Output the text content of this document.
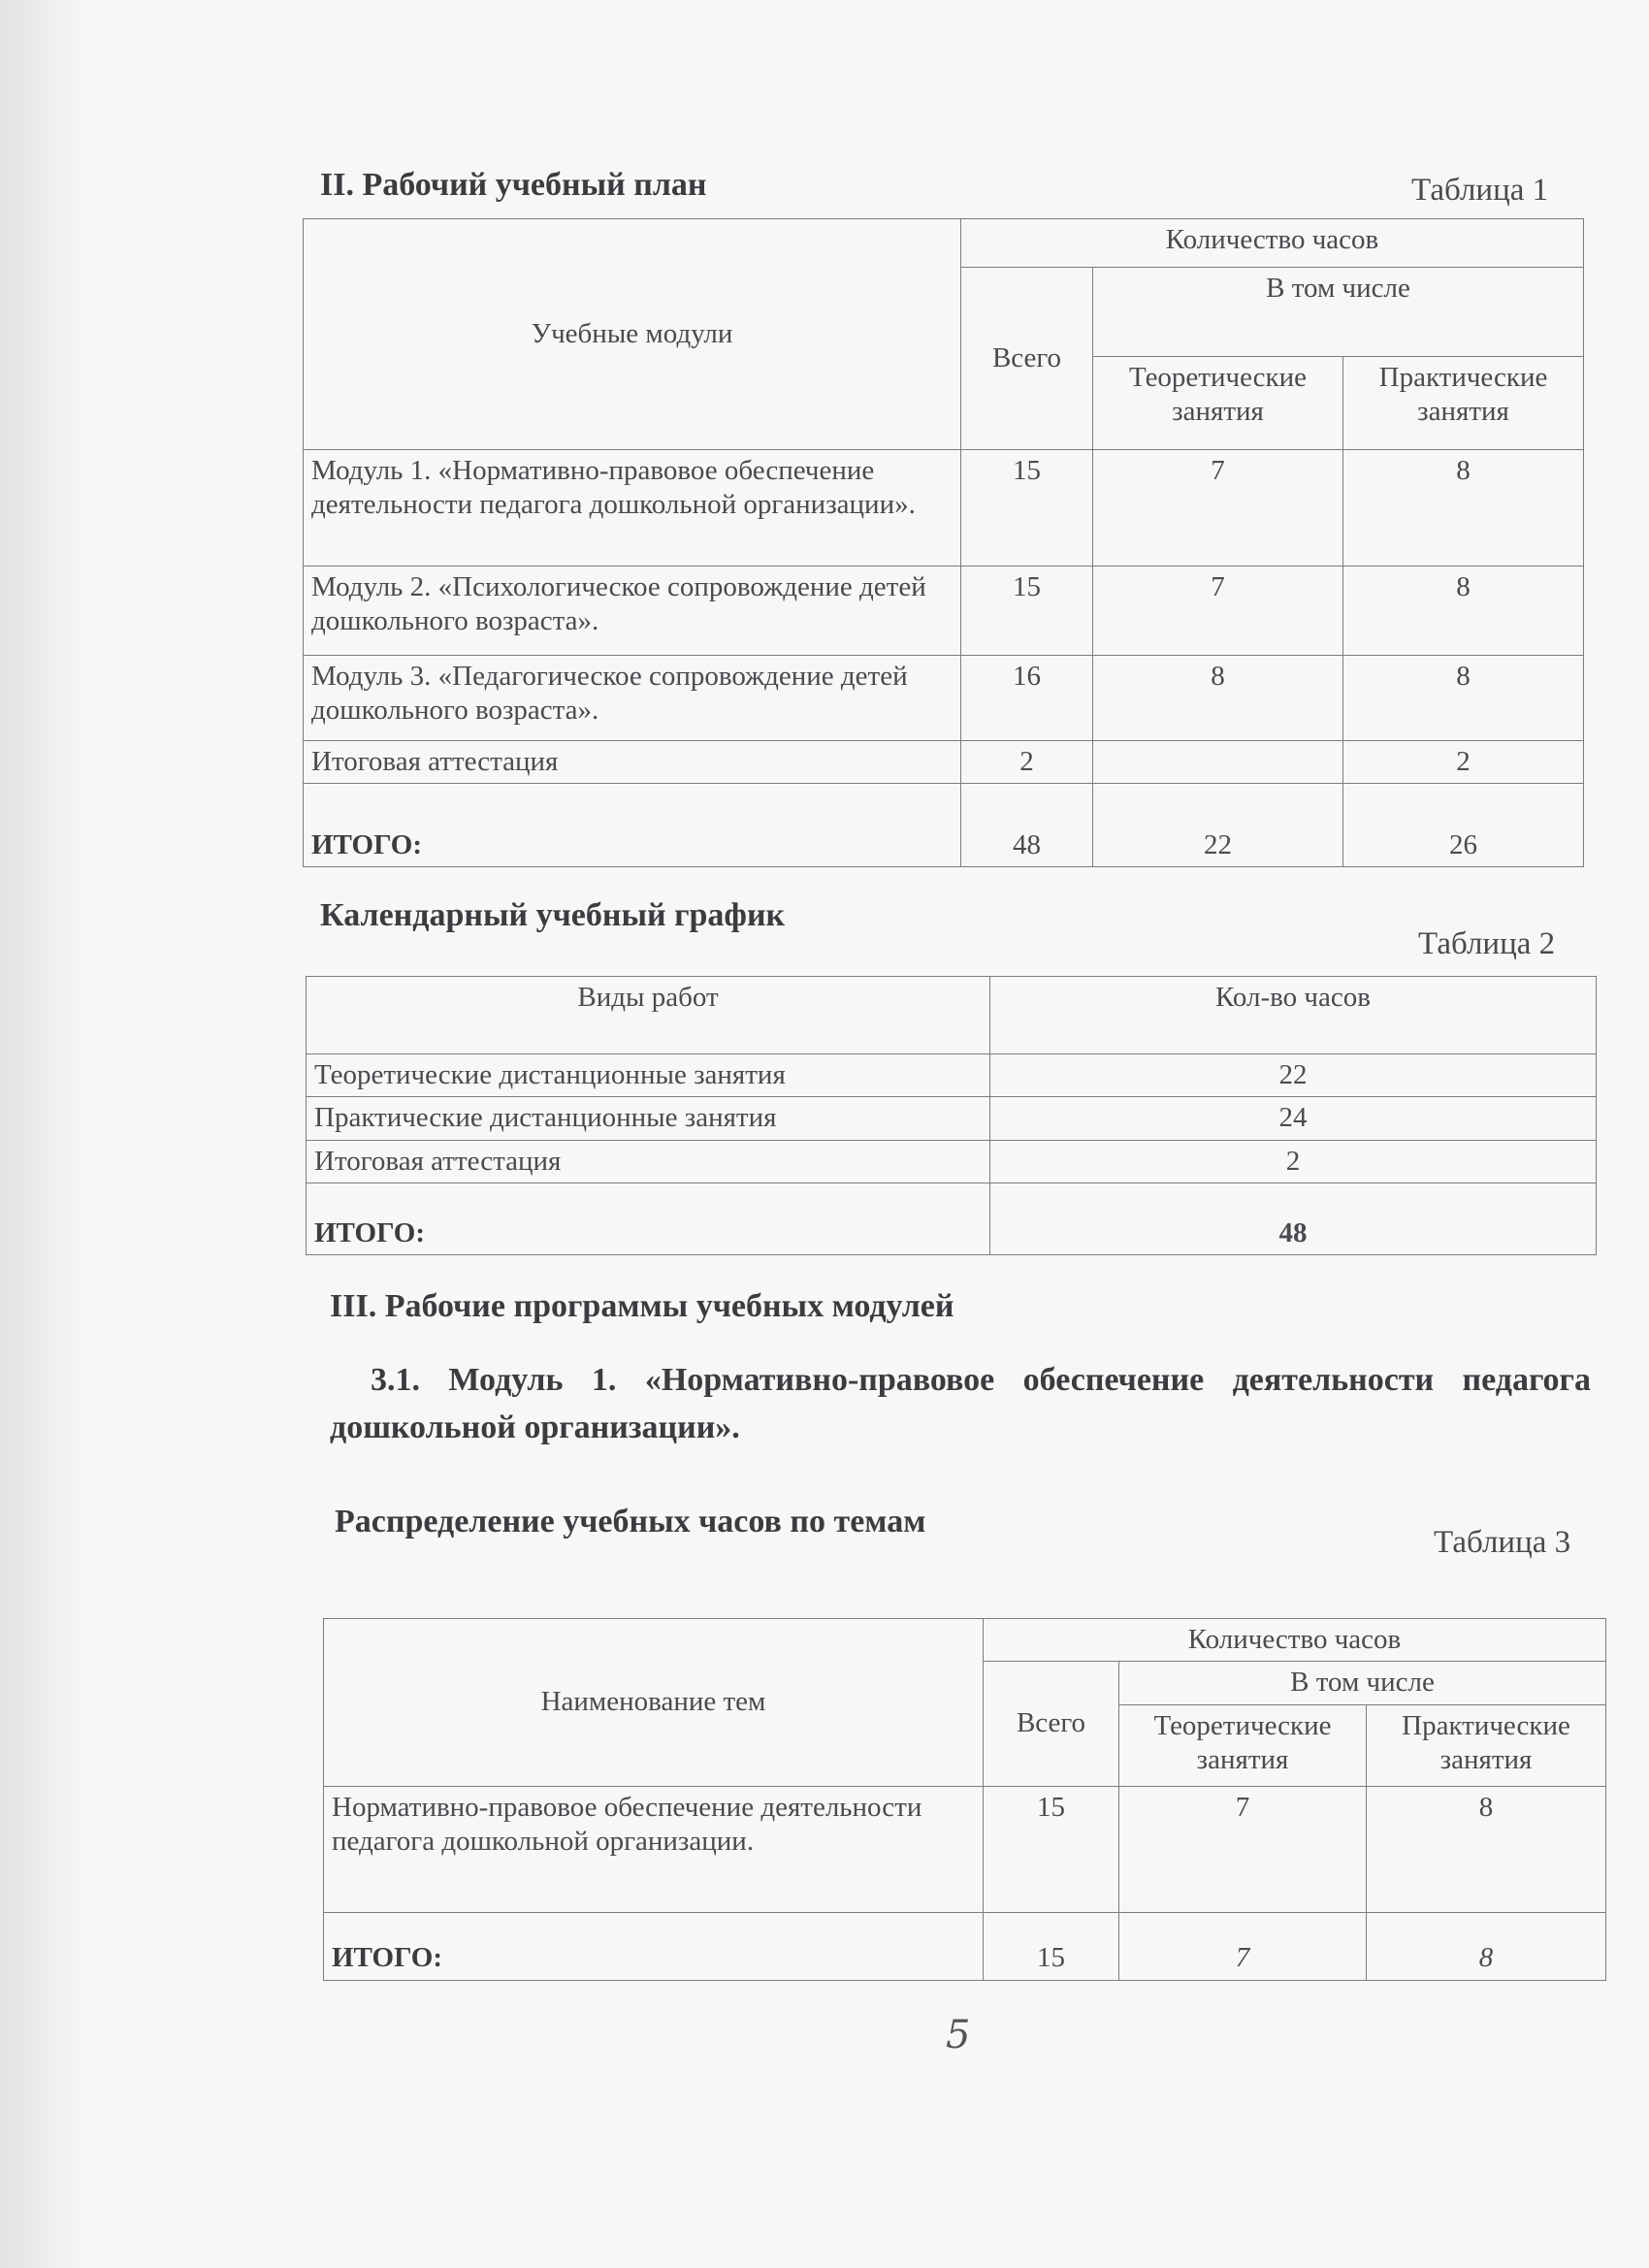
II. Рабочий учебный план	Таблица 1
Учебные модули	Количество часов		
	Всего	В том числе	
		Теоретические занятия	Практические занятия
Модуль 1. «Нормативно-правовое обеспечение деятельности педагога дошкольной организации».	15	7	8
Модуль 2. «Психологическое сопровождение детей дошкольного возраста».	15	7	8
Модуль 3. «Педагогическое сопровождение детей дошкольного возраста».	16	8	8
Итоговая аттестация	2		2
ИТОГО:	48	22	26
Календарный учебный график
Таблица 2
Виды работ	Кол-во часов
Теоретические дистанционные занятия	22
Практические дистанционные занятия	24
Итоговая аттестация	2
ИТОГО:	48
III. Рабочие программы учебных модулей
3.1. Модуль 1. «Нормативно-правовое обеспечение деятельности педагога дошкольной организации».
Распределение учебных часов по темам
Таблица 3
Наименование тем	Количество часов		
	Всего	В том числе	
		Теоретические занятия	Практические занятия
Нормативно-правовое обеспечение деятельности педагога дошкольной организации.	15	7	8
ИТОГО:	15	7	8
5
